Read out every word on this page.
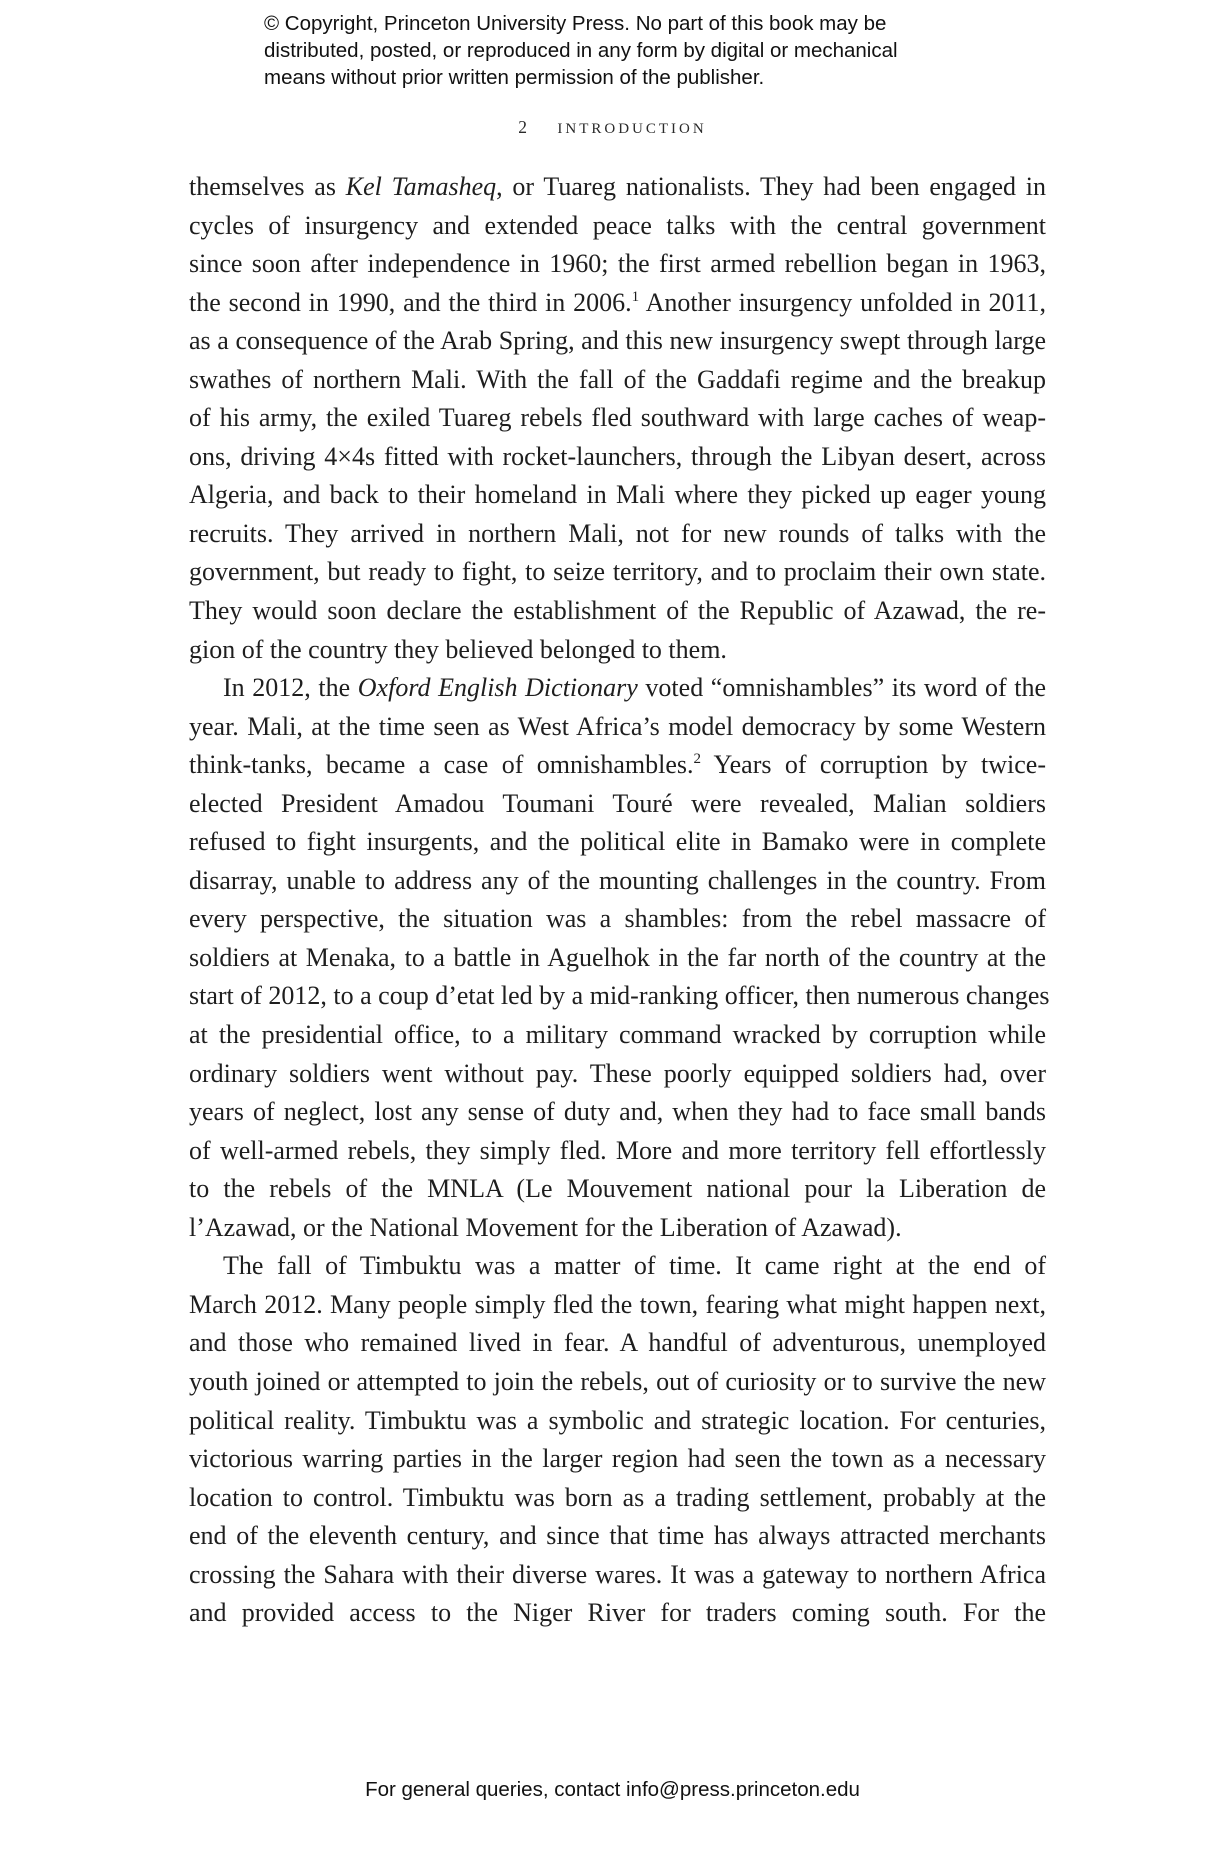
© Copyright, Princeton University Press. No part of this book may be
distributed, posted, or reproduced in any form by digital or mechanical
means without prior written permission of the publisher.
2 introduction
themselves as Kel Tamasheq, or Tuareg nationalists. They had been engaged in
cycles of insurgency and extended peace talks with the central government
since soon after independence in 1960; the first armed rebellion began in 1963,
the second in 1990, and the third in 2006.$^1$ Another insurgency unfolded in 2011,
as a consequence of the Arab Spring, and this new insurgency swept through large
swathes of northern Mali. With the fall of the Gaddafi regime and the breakup
of his army, the exiled Tuareg rebels fled southward with large caches of weap-
ons, driving 4×4s fitted with rocket-launchers, through the Libyan desert, across
Algeria, and back to their homeland in Mali where they picked up eager young
recruits. They arrived in northern Mali, not for new rounds of talks with the
government, but ready to fight, to seize territory, and to proclaim their own state.
They would soon declare the establishment of the Republic of Azawad, the re-
gion of the country they believed belonged to them.
In 2012, the Oxford English Dictionary voted “omnishambles” its word of the
year. Mali, at the time seen as West Africa’s model democracy by some Western
think-tanks, became a case of omnishambles.$^2$ Years of corruption by twice-
elected President Amadou Toumani Touré were revealed, Malian soldiers
refused to fight insurgents, and the political elite in Bamako were in complete
disarray, unable to address any of the mounting challenges in the country. From
every perspective, the situation was a shambles: from the rebel massacre of
soldiers at Menaka, to a battle in Aguelhok in the far north of the country at the
start of 2012, to a coup d’etat led by a mid-ranking officer, then numerous changes
at the presidential office, to a military command wracked by corruption while
ordinary soldiers went without pay. These poorly equipped soldiers had, over
years of neglect, lost any sense of duty and, when they had to face small bands
of well-armed rebels, they simply fled. More and more territory fell effortlessly
to the rebels of the MNLA (Le Mouvement national pour la Liberation de
l’Azawad, or the National Movement for the Liberation of Azawad).
The fall of Timbuktu was a matter of time. It came right at the end of
March 2012. Many people simply fled the town, fearing what might happen next,
and those who remained lived in fear. A handful of adventurous, unemployed
youth joined or attempted to join the rebels, out of curiosity or to survive the new
political reality. Timbuktu was a symbolic and strategic location. For centuries,
victorious warring parties in the larger region had seen the town as a necessary
location to control. Timbuktu was born as a trading settlement, probably at the
end of the eleventh century, and since that time has always attracted merchants
crossing the Sahara with their diverse wares. It was a gateway to northern Africa
and provided access to the Niger River for traders coming south. For the
For general queries, contact info@press.princeton.edu
